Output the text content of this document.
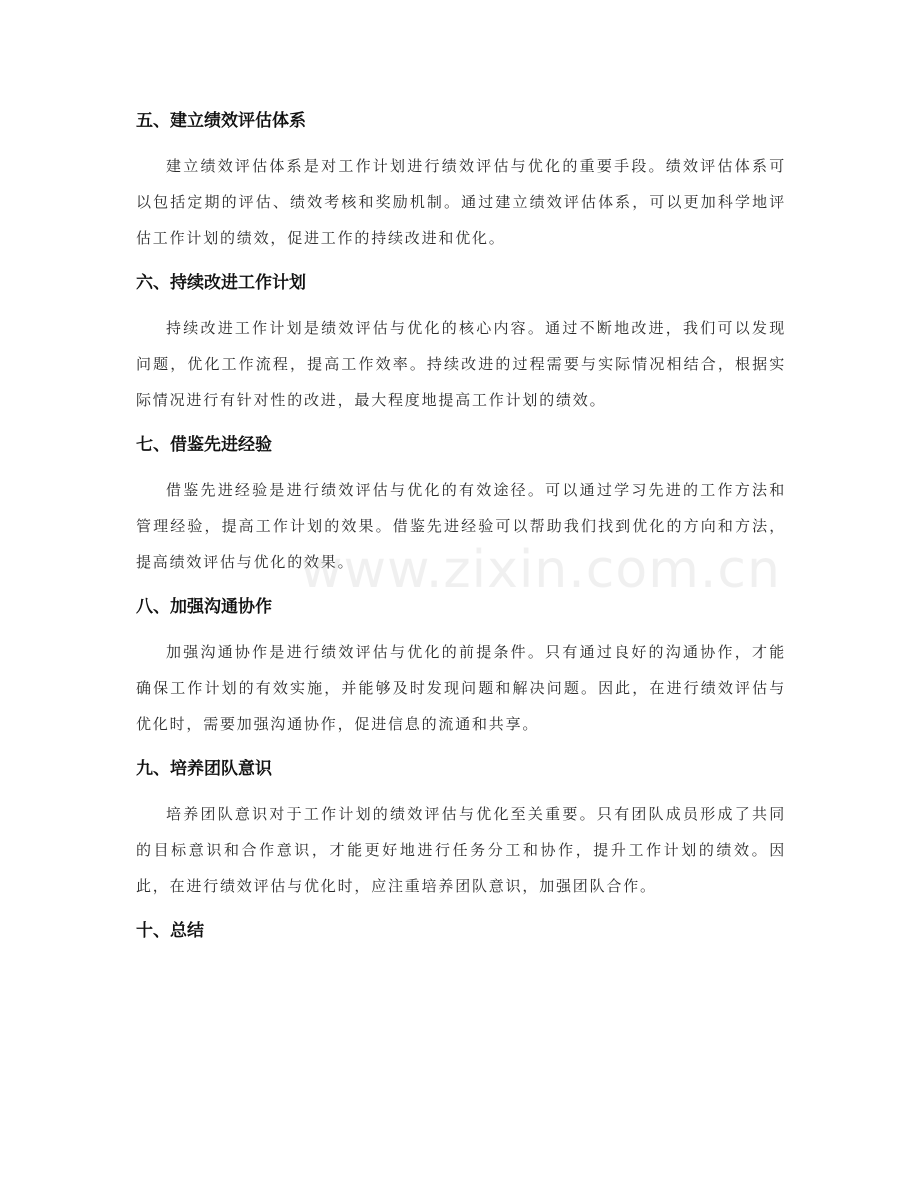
五、建立绩效评估体系

建立绩效评估体系是对工作计划进行绩效评估与优化的重要手段。绩效评估体系可以包括定期的评估、绩效考核和奖励机制。通过建立绩效评估体系，可以更加科学地评估工作计划的绩效，促进工作的持续改进和优化。

六、持续改进工作计划

持续改进工作计划是绩效评估与优化的核心内容。通过不断地改进，我们可以发现问题，优化工作流程，提高工作效率。持续改进的过程需要与实际情况相结合，根据实际情况进行有针对性的改进，最大程度地提高工作计划的绩效。

七、借鉴先进经验

借鉴先进经验是进行绩效评估与优化的有效途径。可以通过学习先进的工作方法和管理经验，提高工作计划的效果。借鉴先进经验可以帮助我们找到优化的方向和方法，提高绩效评估与优化的效果。

八、加强沟通协作

加强沟通协作是进行绩效评估与优化的前提条件。只有通过良好的沟通协作，才能确保工作计划的有效实施，并能够及时发现问题和解决问题。因此，在进行绩效评估与优化时，需要加强沟通协作，促进信息的流通和共享。

九、培养团队意识

培养团队意识对于工作计划的绩效评估与优化至关重要。只有团队成员形成了共同的目标意识和合作意识，才能更好地进行任务分工和协作，提升工作计划的绩效。因此，在进行绩效评估与优化时，应注重培养团队意识，加强团队合作。

十、总结
www.zixin.com.cn
